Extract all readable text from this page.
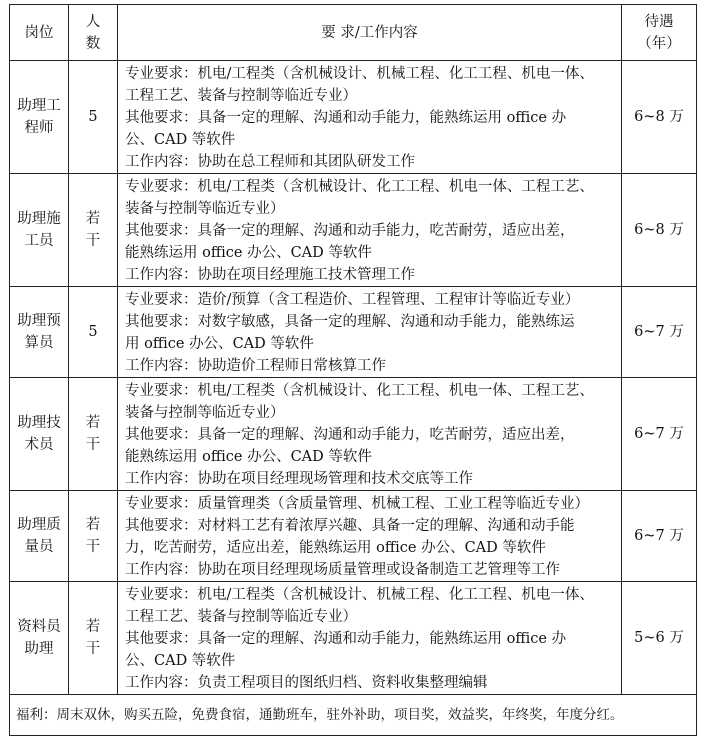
岗位	人数	要 求/工作内容	待遇（年）
助理工程师	5	专业要求：机电/工程类（含机械设计、机械工程、化工工程、机电一体、
工程工艺、装备与控制等临近专业）
其他要求：具备一定的理解、沟通和动手能力，能熟练运用 office 办
公、CAD 等软件
工作内容：协助在总工程师和其团队研发工作	6~8 万
助理施工员	若干	专业要求：机电/工程类（含机械设计、化工工程、机电一体、工程工艺、
装备与控制等临近专业）
其他要求：具备一定的理解、沟通和动手能力，吃苦耐劳，适应出差，
能熟练运用 office 办公、CAD 等软件
工作内容：协助在项目经理施工技术管理工作	6~8 万
助理预算员	5	专业要求：造价/预算（含工程造价、工程管理、工程审计等临近专业）
其他要求：对数字敏感，具备一定的理解、沟通和动手能力，能熟练运
用 office 办公、CAD 等软件
工作内容：协助造价工程师日常核算工作	6~7 万
助理技术员	若干	专业要求：机电/工程类（含机械设计、化工工程、机电一体、工程工艺、
装备与控制等临近专业）
其他要求：具备一定的理解、沟通和动手能力，吃苦耐劳，适应出差，
能熟练运用 office 办公、CAD 等软件
工作内容：协助在项目经理现场管理和技术交底等工作	6~7 万
助理质量员	若干	专业要求：质量管理类（含质量管理、机械工程、工业工程等临近专业）
其他要求：对材料工艺有着浓厚兴趣、具备一定的理解、沟通和动手能
力，吃苦耐劳，适应出差，能熟练运用 office 办公、CAD 等软件
工作内容：协助在项目经理现场质量管理或设备制造工艺管理等工作	6~7 万
资料员助理	若干	专业要求：机电/工程类（含机械设计、机械工程、化工工程、机电一体、
工程工艺、装备与控制等临近专业）
其他要求：具备一定的理解、沟通和动手能力，能熟练运用 office 办
公、CAD 等软件
工作内容：负责工程项目的图纸归档、资料收集整理编辑	5~6 万
福利：周末双休，购买五险，免费食宿，通勤班车，驻外补助，项目奖，效益奖，年终奖，年度分红。			
